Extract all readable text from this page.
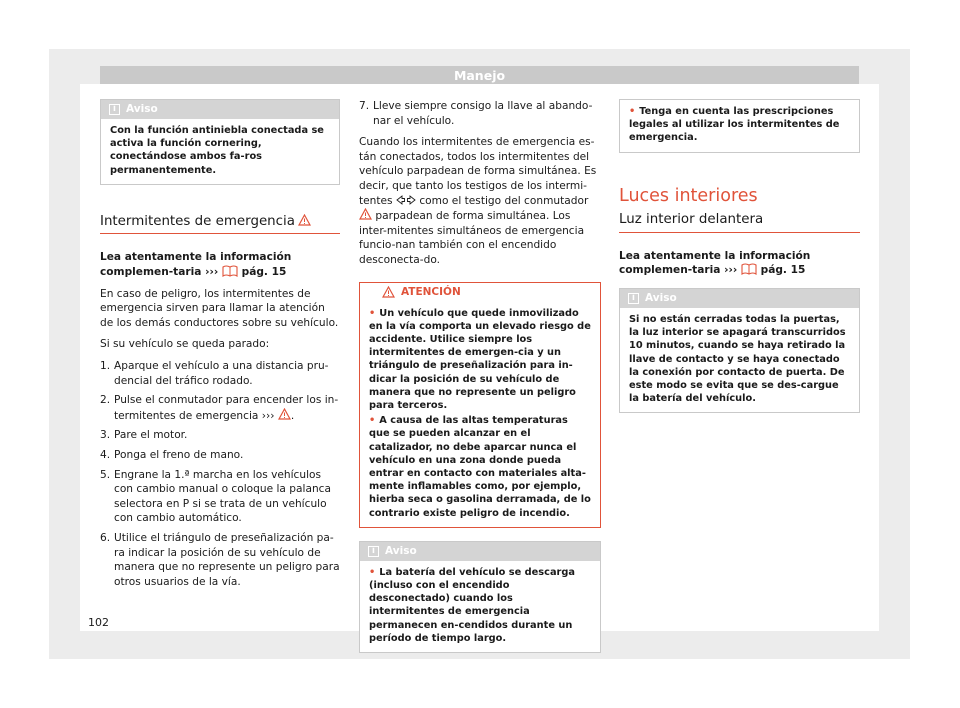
Manejo
i Aviso
Con la función antiniebla conectada se activa la función cornering, conectándose ambos fa-ros permanentemente.
Intermitentes de emergencia

Lea atentamente la información complemen-taria ››› pág. 15

En caso de peligro, los intermitentes de emergencia sirven para llamar la atención de los demás conductores sobre su vehículo.

Si su vehículo se queda parado:

1. Aparque el vehículo a una distancia pru-dencial del tráfico rodado.
2. Pulse el conmutador para encender los in-termitentes de emergencia ››› .
3. Pare el motor.
4. Ponga el freno de mano.
5. Engrane la 1.ª marcha en los vehículos con cambio manual o coloque la palanca selectora en P si se trata de un vehículo con cambio automático.
6. Utilice el triángulo de preseñalización pa-ra indicar la posición de su vehículo de manera que no represente un peligro para otros usuarios de la vía.
7. Lleve siempre consigo la llave al abando-nar el vehículo.

Cuando los intermitentes de emergencia es-tán conectados, todos los intermitentes del vehículo parpadean de forma simultánea. Es decir, que tanto los testigos de los intermi-tentes	como el testigo del conmutador  parpadean de forma simultánea. Los inter-mitentes simultáneos de emergencia funcio-nan también con el encendido desconecta-do.

ATENCIÓN
• Un vehículo que quede inmovilizado en la vía comporta un elevado riesgo de accidente. Utilice siempre los intermitentes de emergen-cia y un triángulo de preseñalización para in-dicar la posición de su vehículo de manera que no represente un peligro para terceros.
• A causa de las altas temperaturas que se pueden alcanzar en el catalizador, no debe aparcar nunca el vehículo en una zona donde pueda entrar en contacto con materiales alta-mente inflamables como, por ejemplo, hierba seca o gasolina derramada, de lo contrario existe peligro de incendio.
i Aviso
• La batería del vehículo se descarga (incluso con el encendido desconectado) cuando los intermitentes de emergencia permanecen en-cendidos durante un período de tiempo largo.
• Tenga en cuenta las prescripciones legales al utilizar los intermitentes de emergencia.
Luces interiores
Luz interior delantera

Lea atentamente la información complemen-taria ››› pág. 15

i Aviso
Si no están cerradas todas la puertas, la luz interior se apagará transcurridos 10 minutos, cuando se haya retirado la llave de contacto y se haya conectado la conexión por contacto de puerta. De este modo se evita que se des-cargue la batería del vehículo.
102
